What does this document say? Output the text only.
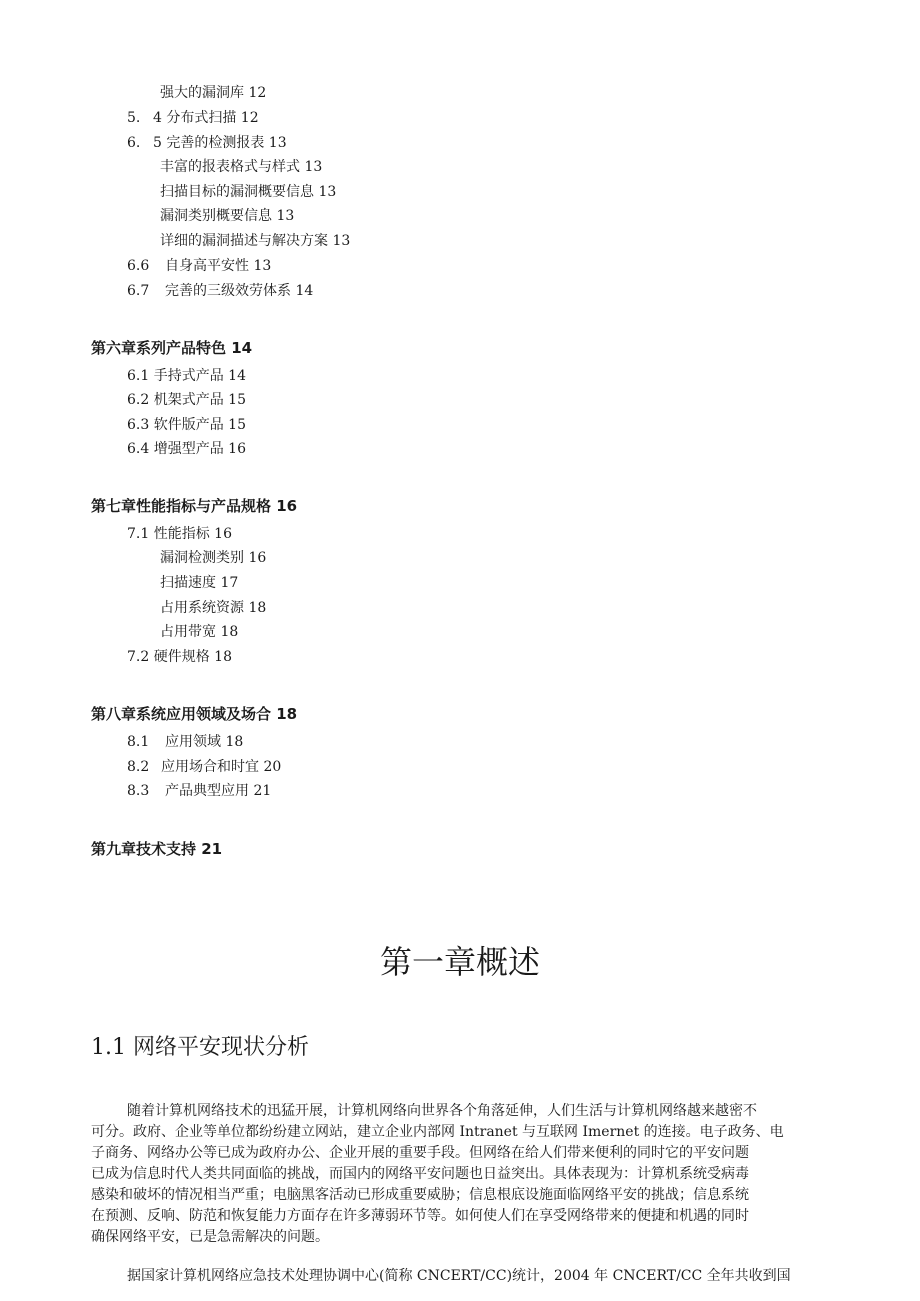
强大的漏洞库 12
5. 4 分布式扫描 12
6. 5 完善的检测报表 13
丰富的报表格式与样式 13
扫描目标的漏洞概要信息 13
漏洞类别概要信息 13
详细的漏洞描述与解决方案 13
6.6 自身高平安性 13
6.7 完善的三级效劳体系 14
第六章系列产品特色 14
6.1 手持式产品 14
6.2 机架式产品 15
6.3 软件版产品 15
6.4 增强型产品 16
第七章性能指标与产品规格 16
7.1 性能指标 16
漏洞检测类别 16
扫描速度 17
占用系统资源 18
占用带宽 18
7.2 硬件规格 18
第八章系统应用领域及场合 18
8.1 应用领域 18
8.2 应用场合和时宜 20
8.3 产品典型应用 21
第九章技术支持 21
第一章概述
1.1 网络平安现状分析
随着计算机网络技术的迅猛开展，计算机网络向世界各个角落延伸，人们生活与计算机网络越来越密不
可分。政府、企业等单位都纷纷建立网站，建立企业内部网 Intranet 与互联网 Imernet 的连接。电子政务、电
子商务、网络办公等已成为政府办公、企业开展的重要手段。但网络在给人们带来便利的同时它的平安问题
已成为信息时代人类共同面临的挑战，而国内的网络平安问题也日益突出。具体表现为：计算机系统受病毒
感染和破坏的情况相当严重；电脑黑客活动已形成重要威胁；信息根底设施面临网络平安的挑战；信息系统
在预测、反响、防范和恢复能力方面存在许多薄弱环节等。如何使人们在享受网络带来的便捷和机遇的同时
确保网络平安，已是急需解决的问题。
据国家计算机网络应急技术处理协调中心(简称 CNCERT/CC)统计，2004 年 CNCERT/CC 全年共收到国
